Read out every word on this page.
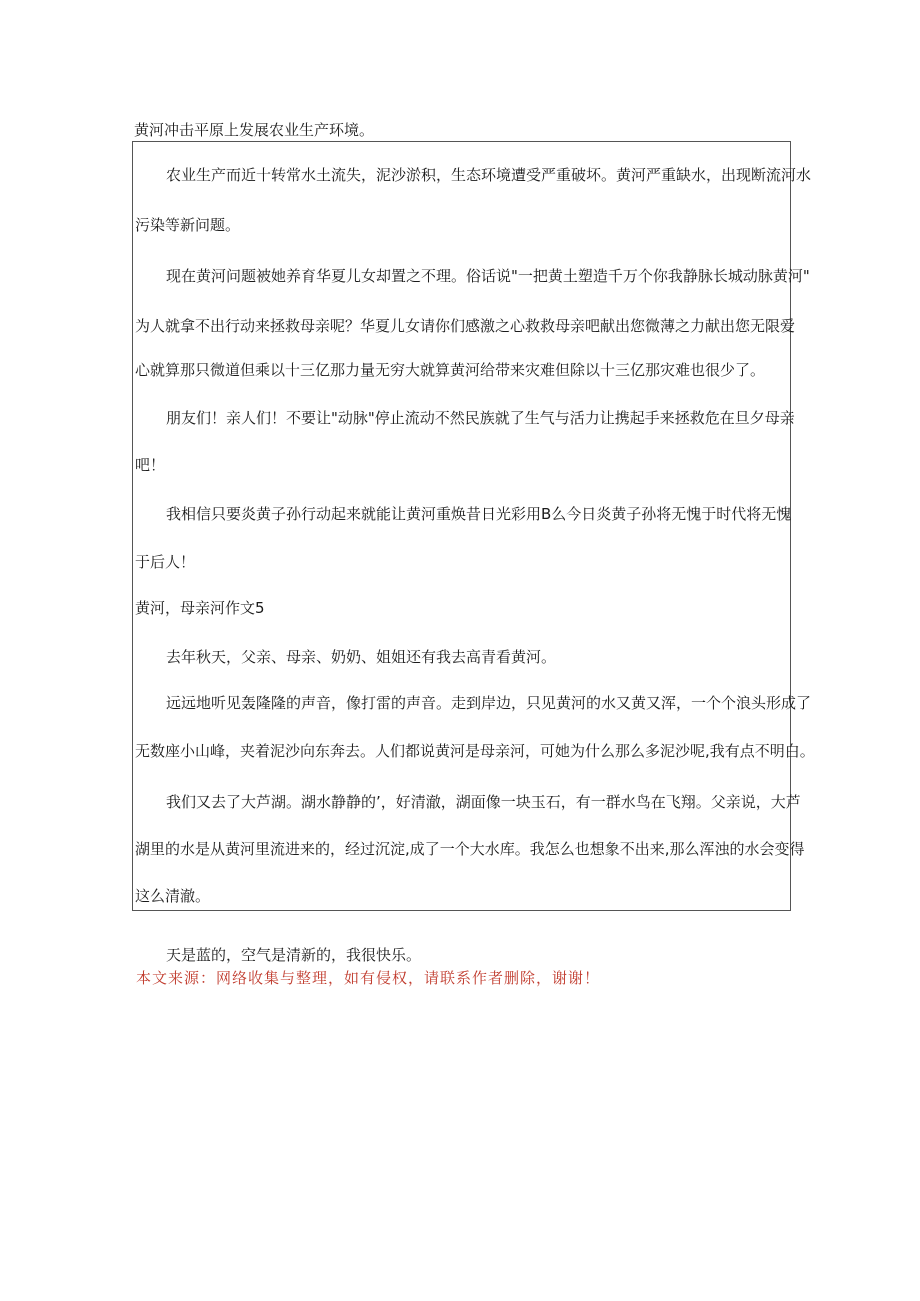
黄河冲击平原上发展农业生产环境。
农业生产而近十转常水土流失，泥沙淤积，生态环境遭受严重破坏。黄河严重缺水，出现断流河水
污染等新问题。
现在黄河问题被她养育华夏儿女却置之不理。俗话说"一把黄土塑造千万个你我静脉长城动脉黄河"
为人就拿不出行动来拯救母亲呢？华夏儿女请你们感激之心救救母亲吧献出您微薄之力献出您无限爱
心就算那只微道但乘以十三亿那力量无穷大就算黄河给带来灾难但除以十三亿那灾难也很少了。
朋友们！亲人们！不要让"动脉"停止流动不然民族就了生气与活力让携起手来拯救危在旦夕母亲
吧！
我相信只要炎黄子孙行动起来就能让黄河重焕昔日光彩用B么今日炎黄子孙将无愧于时代将无愧
于后人！
黄河，母亲河作文5
去年秋天，父亲、母亲、奶奶、姐姐还有我去高青看黄河。
远远地听见轰隆隆的声音，像打雷的声音。走到岸边，只见黄河的水又黄又浑，一个个浪头形成了
无数座小山峰，夹着泥沙向东奔去。人们都说黄河是母亲河，可她为什么那么多泥沙呢,我有点不明白。
我们又去了大芦湖。湖水静静的’，好清澈，湖面像一块玉石，有一群水鸟在飞翔。父亲说，大芦
湖里的水是从黄河里流进来的，经过沉淀,成了一个大水库。我怎么也想象不出来,那么浑浊的水会变得
这么清澈。
天是蓝的，空气是清新的，我很快乐。
本文来源：网络收集与整理，如有侵权，请联系作者删除，谢谢！
